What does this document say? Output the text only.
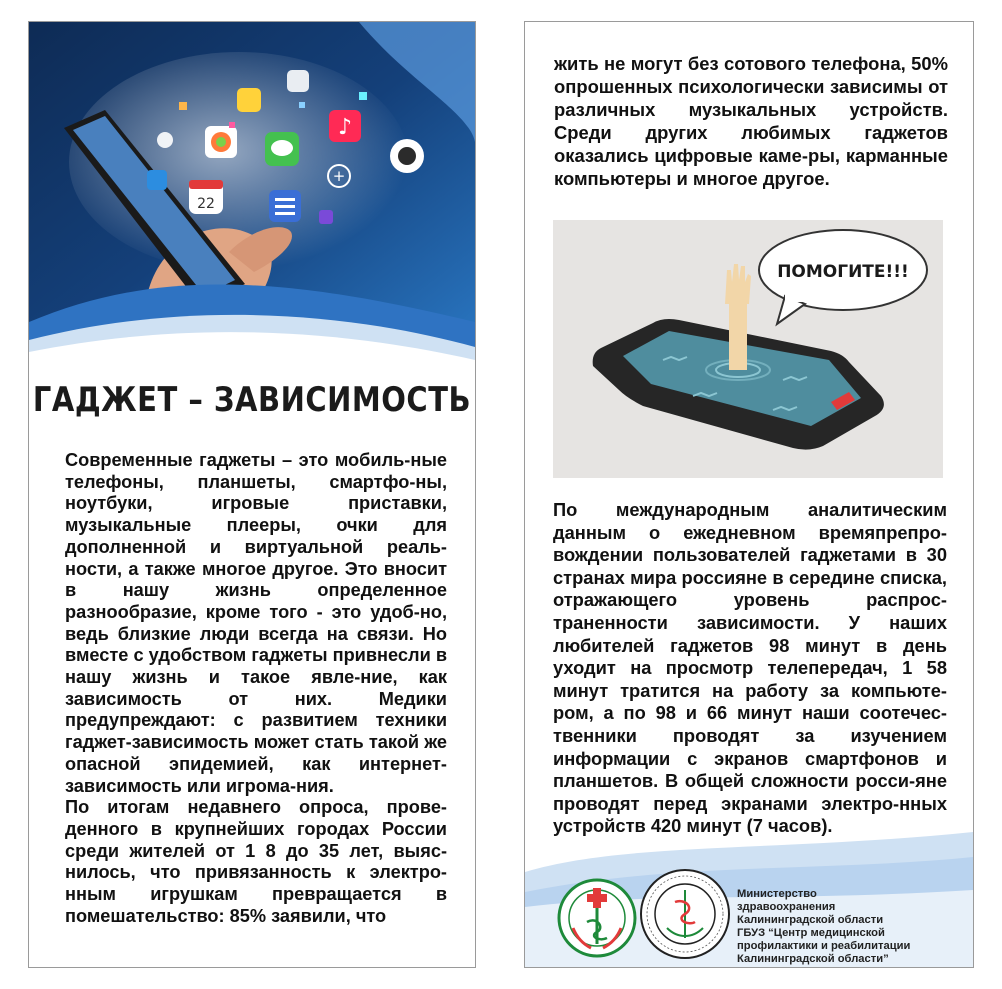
♪
+
22
ГАДЖЕТ – ЗАВИСИМОСТЬ

Современные гаджеты – это мобиль-ные телефоны, планшеты, смартфо-ны, ноутбуки, игровые приставки, музыкальные плееры, очки для дополненной и виртуальной реаль-ности, а также многое другое. Это вносит в нашу жизнь определенное разнообразие, кроме того - это удоб-но, ведь близкие люди всегда на связи. Но вместе с удобством гаджеты привнесли в нашу жизнь и такое явле-ние, как зависимость от них. Медики предупреждают: с развитием техники гаджет-зависимость может стать такой же опасной эпидемией, как интернет-зависимость или игрома-ния.

По итогам недавнего опроса, прове-денного в крупнейших городах России среди жителей от 1 8 до 35 лет, выяс-нилось, что привязанность к электро-нным игрушкам превращается в помешательство: 85% заявили, что

жить не могут без сотового телефона, 50% опрошенных психологически зависимы от различных музыкальных устройств. Среди других любимых гаджетов оказались цифровые каме-ры, карманные компьютеры и многое другое.

ПОМОГИТЕ!!!

По международным аналитическим данным о ежедневном времяпрепро-вождении пользователей гаджетами в 30 странах мира россияне в середине списка, отражающего уровень распрос-траненности зависимости. У наших любителей гаджетов 98 минут в день уходит на просмотр телепередач, 1 58 минут тратится на работу за компьюте-ром, а по 98 и 66 минут наши соотечес-твенники проводят за изучением информации с экранов смартфонов и планшетов. В общей сложности росси-яне проводят перед экранами электро-нных устройств 420 минут (7 часов).

Министерство
здравоохранения
Калининградской области
ГБУЗ “Центр медицинской
профилактики и реабилитации
Калининградской области”
